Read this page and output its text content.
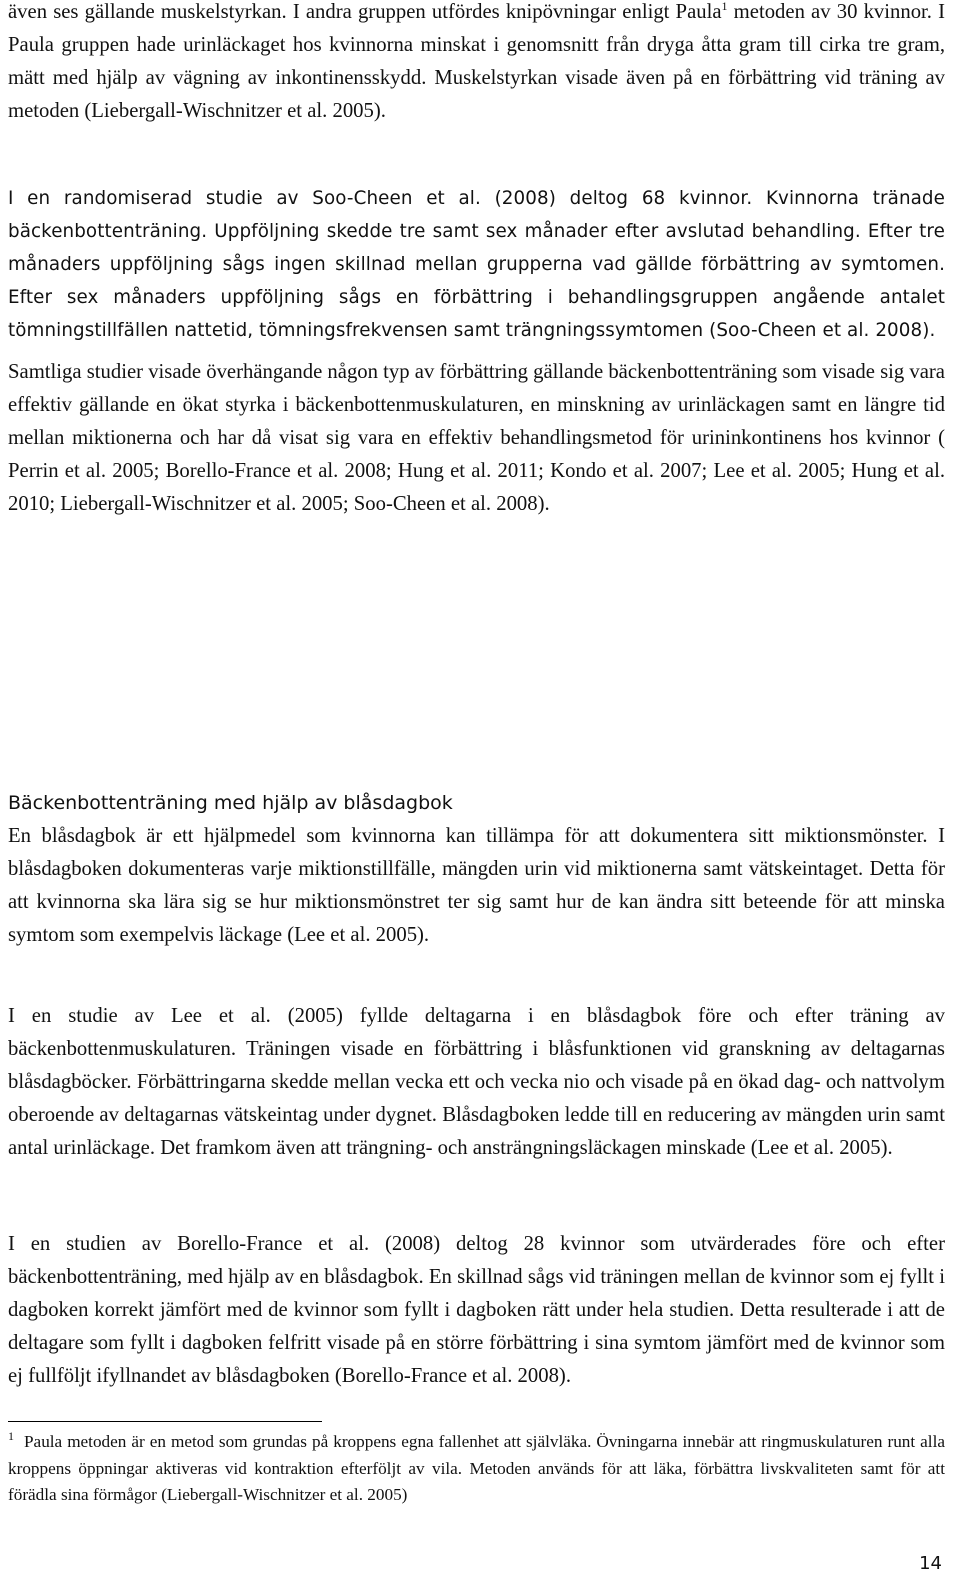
även ses gällande muskelstyrkan. I andra gruppen utfördes knipövningar enligt Paula$^1$ metoden av 30 kvinnor. I Paula gruppen hade urinläckaget hos kvinnorna minskat i genomsnitt från dryga åtta gram till cirka tre gram, mätt med hjälp av vägning av inkontinensskydd. Muskelstyrkan visade även på en förbättring vid träning av metoden (Liebergall-Wischnitzer et al. 2005).

I en randomiserad studie av Soo-Cheen et al. (2008) deltog 68 kvinnor. Kvinnorna tränade bäckenbottenträning. Uppföljning skedde tre samt sex månader efter avslutad behandling. Efter tre månaders uppföljning sågs ingen skillnad mellan grupperna vad gällde förbättring av symtomen. Efter sex månaders uppföljning sågs en förbättring i behandlingsgruppen angående antalet tömningstillfällen nattetid, tömningsfrekvensen samt trängningssymtomen (Soo-Cheen et al. 2008).

Samtliga studier visade överhängande någon typ av förbättring gällande bäckenbottenträning som visade sig vara effektiv gällande en ökat styrka i bäckenbottenmuskulaturen, en minskning av urinläckagen samt en längre tid mellan miktionerna och har då visat sig vara en effektiv behandlingsmetod för urininkontinens hos kvinnor ( Perrin et al. 2005; Borello-France et al. 2008; Hung et al. 2011; Kondo et al. 2007; Lee et al. 2005; Hung et al. 2010; Liebergall-Wischnitzer et al. 2005; Soo-Cheen et al. 2008).

Bäckenbottenträning med hjälp av blåsdagbok

En blåsdagbok är ett hjälpmedel som kvinnorna kan tillämpa för att dokumentera sitt miktionsmönster. I blåsdagboken dokumenteras varje miktionstillfälle, mängden urin vid miktionerna samt vätskeintaget. Detta för att kvinnorna ska lära sig se hur miktionsmönstret ter sig samt hur de kan ändra sitt beteende för att minska symtom som exempelvis läckage (Lee et al. 2005).

I en studie av Lee et al. (2005) fyllde deltagarna i en blåsdagbok före och efter träning av bäckenbottenmuskulaturen. Träningen visade en förbättring i blåsfunktionen vid granskning av deltagarnas blåsdagböcker. Förbättringarna skedde mellan vecka ett och vecka nio och visade på en ökad dag- och nattvolym oberoende av deltagarnas vätskeintag under dygnet. Blåsdagboken ledde till en reducering av mängden urin samt antal urinläckage. Det framkom även att trängning- och ansträngningsläckagen minskade (Lee et al. 2005).

I en studien av Borello-France et al. (2008) deltog 28 kvinnor som utvärderades före och efter bäckenbottenträning, med hjälp av en blåsdagbok. En skillnad sågs vid träningen mellan de kvinnor som ej fyllt i dagboken korrekt jämfört med de kvinnor som fyllt i dagboken rätt under hela studien. Detta resulterade i att de deltagare som fyllt i dagboken felfritt visade på en större förbättring i sina symtom jämfört med de kvinnor som ej fullföljt ifyllnandet av blåsdagboken (Borello-France et al. 2008).

$^1$ Paula metoden är en metod som grundas på kroppens egna fallenhet att självläka. Övningarna innebär att ringmuskulaturen runt alla kroppens öppningar aktiveras vid kontraktion efterföljt av vila. Metoden används för att läka, förbättra livskvaliteten samt för att förädla sina förmågor (Liebergall-Wischnitzer et al. 2005)

14
